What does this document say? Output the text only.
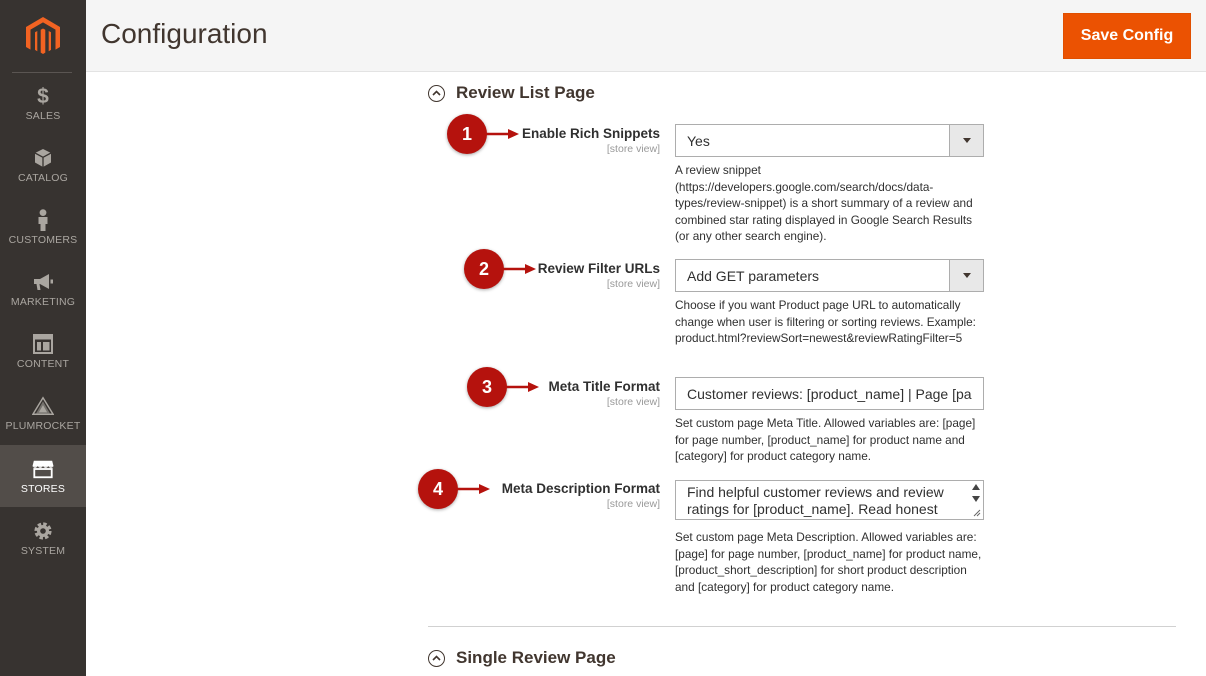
$
SALES
CATALOG
CUSTOMERS
MARKETING
CONTENT
PLUMROCKET
STORES
SYSTEM
Configuration	Save Config
Review List Page
1	Enable Rich Snippets
[store view]
Yes

A review snippet (https://developers.google.com/search/docs/data-types/review-snippet) is a short summary of a review and combined star rating displayed in Google Search Results (or any other search engine).

2	Review Filter URLs
[store view]
Add GET parameters

Choose if you want Product page URL to automatically change when user is filtering or sorting reviews. Example: product.html?reviewSort=newest&reviewRatingFilter=5

3	Meta Title Format
[store view]
Customer reviews: [product_name] | Page [page]

Set custom page Meta Title. Allowed variables are: [page] for page number, [product_name] for product name and [category] for product category name.

4	Meta Description Format
[store view]
Find helpful customer reviews and review ratings for [product_name]. Read honest

Set custom page Meta Description. Allowed variables are: [page] for page number, [product_name] for product name, [product_short_description] for short product description and [category] for product category name.

Single Review Page
